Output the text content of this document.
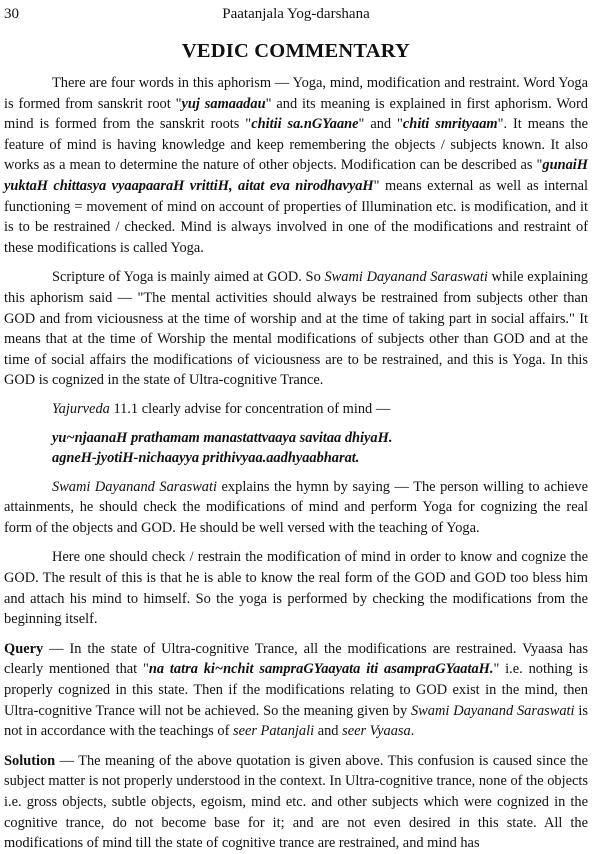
30	Paatanjala Yog-darshana
VEDIC COMMENTARY

There are four words in this aphorism — Yoga, mind, modification and restraint. Word Yoga is formed from sanskrit root "yuj samaadau" and its meaning is explained in first aphorism. Word mind is formed from the sanskrit roots "chitii sa.nGYaane" and "chiti smrityaam". It means the feature of mind is having knowledge and keep remembering the objects / subjects known. It also works as a mean to determine the nature of other objects. Modification can be described as "gunaiH yuktaH chittasya vyaapaaraH vrittiH, aitat eva nirodhavyaH" means external as well as internal functioning = movement of mind on account of properties of Illumination etc. is modification, and it is to be restrained / checked. Mind is always involved in one of the modifications and restraint of these modifications is called Yoga.

Scripture of Yoga is mainly aimed at GOD. So Swami Dayanand Saraswati while explaining this aphorism said — "The mental activities should always be restrained from subjects other than GOD and from viciousness at the time of worship and at the time of taking part in social affairs." It means that at the time of Worship the mental modifications of subjects other than GOD and at the time of social affairs the modifications of viciousness are to be restrained, and this is Yoga. In this GOD is cognized in the state of Ultra-cognitive Trance.

Yajurveda 11.1 clearly advise for concentration of mind —

yu~njaanaH prathamam manastattvaaya savitaa dhiyaH.
agneH-jyotiH-nichaayya prithivyaa.aadhyaabharat.

Swami Dayanand Saraswati explains the hymn by saying — The person willing to achieve attainments, he should check the modifications of mind and perform Yoga for cognizing the real form of the objects and GOD. He should be well versed with the teaching of Yoga.

Here one should check / restrain the modification of mind in order to know and cognize the GOD. The result of this is that he is able to know the real form of the GOD and GOD too bless him and attach his mind to himself. So the yoga is performed by checking the modifications from the beginning itself.

Query — In the state of Ultra-cognitive Trance, all the modifications are restrained. Vyaasa has clearly mentioned that "na tatra ki~nchit sampraGYaayata iti asampraGYaataH." i.e. nothing is properly cognized in this state. Then if the modifications relating to GOD exist in the mind, then Ultra-cognitive Trance will not be achieved. So the meaning given by Swami Dayanand Saraswati is not in accordance with the teachings of seer Patanjali and seer Vyaasa.

Solution — The meaning of the above quotation is given above. This confusion is caused since the subject matter is not properly understood in the context. In Ultra-cognitive trance, none of the objects i.e. gross objects, subtle objects, egoism, mind etc. and other subjects which were cognized in the cognitive trance, do not become base for it; and are not even desired in this state. All the modifications of mind till the state of cognitive trance are restrained, and mind has
